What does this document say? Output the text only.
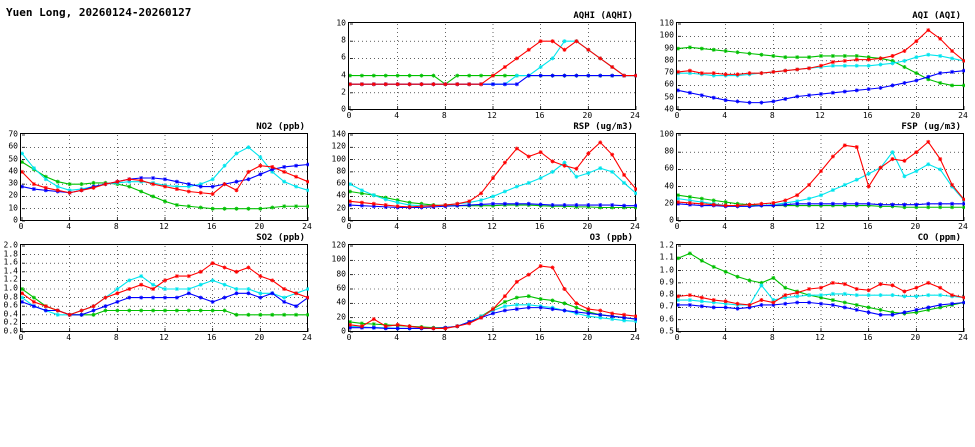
Yuen Long, 20260124-20260127	AQHI (AQHI)
0	4	8	12	16	20	24
0
2
4
6
8
10
AQI (AQI)
0	4	8	12	16	20	24
40
50
60
70
80
90
100
110
NO2 (ppb)
0	4	8	12	16	20	24
0
10
20
30
40
50
60
70
RSP (ug/m3)
0	4	8	12	16	20	24
0
20
40
60
80
100
120
140
FSP (ug/m3)
0	4	8	12	16	20	24
0
20
40
60
80
100
SO2 (ppb)
0	4	8	12	16	20	24
0.0
0.2
0.4
0.6
0.8
1.0
1.2
1.4
1.6
1.8
2.0
O3 (ppb)
0	4	8	12	16	20	24
0
20
40
60
80
100
120
CO (ppm)
0	4	8	12	16	20	24
0.5
0.6
0.7
0.8
0.9
1.0
1.1
1.2
